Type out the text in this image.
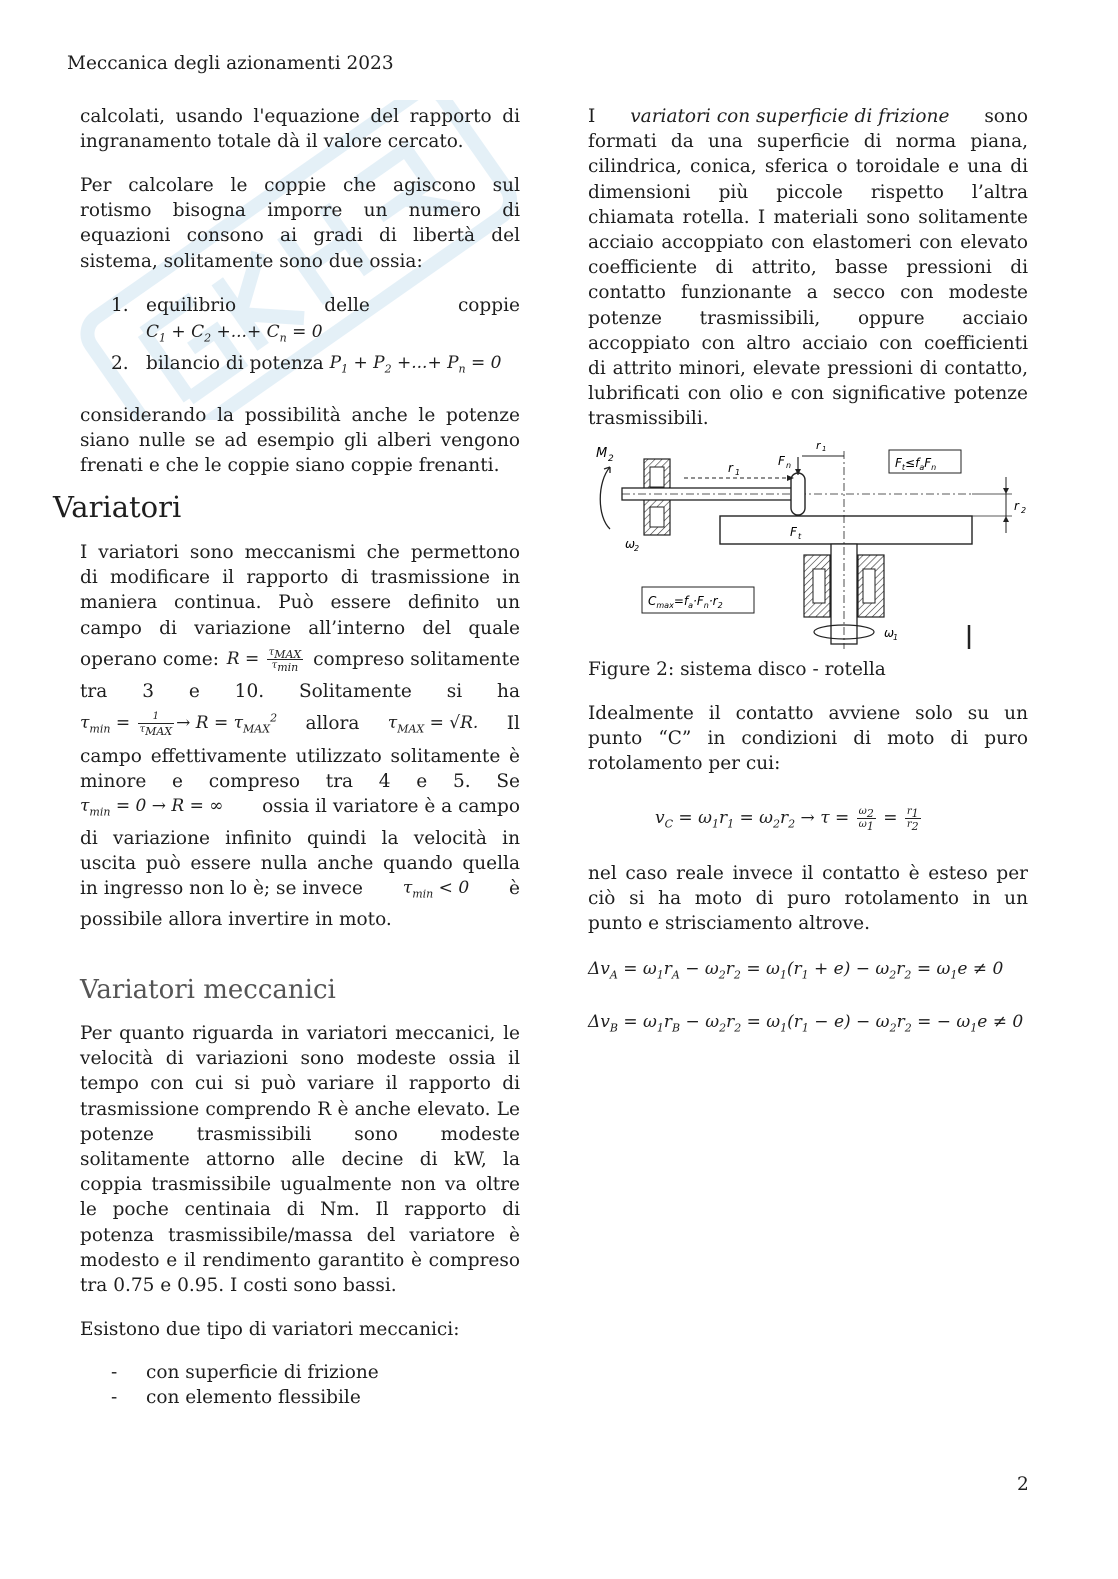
Meccanica degli azionamenti 2023
calcolati, usando l'equazione del rapporto di
ingranamento totale dà il valore cercato.
Per calcolare le coppie che agiscono sul
rotismo bisogna imporre un numero di
equazioni consono ai gradi di libertà del
sistema, solitamente sono due ossia:
1. equilibrio	delle	coppie
$C_1 + C_2$ +...+ $C_n = 0$
2. bilancio di potenza $P_1 + P_2$ +...+ $P_n = 0$
considerando la possibilità anche le potenze
siano nulle se ad esempio gli alberi vengono
frenati e che le coppie siano coppie frenanti.
Variatori
I variatori sono meccanismi che permettono
di modificare il rapporto di trasmissione in
maniera continua. Può essere definito un
campo di variazione all’interno del quale
operano come: $R = \frac{\tau_{MAX}}{\tau_{min}}$ compreso solitamente
tra 3 e 10. Solitamente si ha
$\tau_{min} = \frac{1}{\tau_{MAX}} \to R = \tau_{MAX}^2$ allora $\tau_{MAX} = √R$. Il
campo effettivamente utilizzato solitamente è
minore e compreso tra 4 e 5. Se
$\tau_{min} = 0 \to R$ = ∞ ossia il variatore è a campo
di variazione infinito quindi la velocità in
uscita può essere nulla anche quando quella
in ingresso non lo è; se invece $\tau_{min} < 0$ è
possibile allora invertire in moto.
Variatori meccanici
Per quanto riguarda in variatori meccanici, le
velocità di variazioni sono modeste ossia il
tempo con cui si può variare il rapporto di
trasmissione comprendo R è anche elevato. Le
potenze trasmissibili sono modeste
solitamente attorno alle decine di kW, la
coppia trasmissibile ugualmente non va oltre
le poche centinaia di Nm. Il rapporto di
potenza trasmissibile/massa del variatore è
modesto e il rendimento garantito è compreso
tra 0.75 e 0.95. I costi sono bassi.
Esistono due tipo di variatori meccanici:
- con superficie di frizione
- con elemento flessibile
I variatori con superficie di frizione sono
formati da una superficie di norma piana,
cilindrica, conica, sferica o toroidale e una di
dimensioni più piccole rispetto l’altra
chiamata rotella. I materiali sono solitamente
acciaio accoppiato con elastomeri con elevato
coefficiente di attrito, basse pressioni di
contatto funzionante a secco con modeste
potenze trasmissibili, oppure acciaio
accoppiato con altro acciaio con coefficienti
di attrito minori, elevate pressioni di contatto,
lubrificati con olio e con significative potenze
trasmissibili.
M 2
ω
1
r 1
F n
r 1
$F_t\le f_aF_n$
r 2
F t
ω
2
$C_{max}=f_a\cdot F_n\cdot r_2$
Figure 2: sistema disco - rotella
Idealmente il contatto avviene solo su un
punto “C” in condizioni di moto di puro
rotolamento per cui:
$v_C = \omega_1r_1 = \omega_2r_2 \to \tau = \frac{\omega_2}{\omega_1} = \frac{r_1}{r_2}$
nel caso reale invece il contatto è esteso per
ciò si ha moto di puro rotolamento in un
punto e strisciamento altrove.
$\Delta v_A = \omega_1r_A - \omega_2r_2 = \omega_1(r_1 + e) - \omega_2r_2 = \omega_1e \ne 0$
$\Delta v_B = \omega_1r_B - \omega_2r_2 = \omega_1(r_1 - e) - \omega_2r_2$ = − $\omega_1e \ne 0$
2
